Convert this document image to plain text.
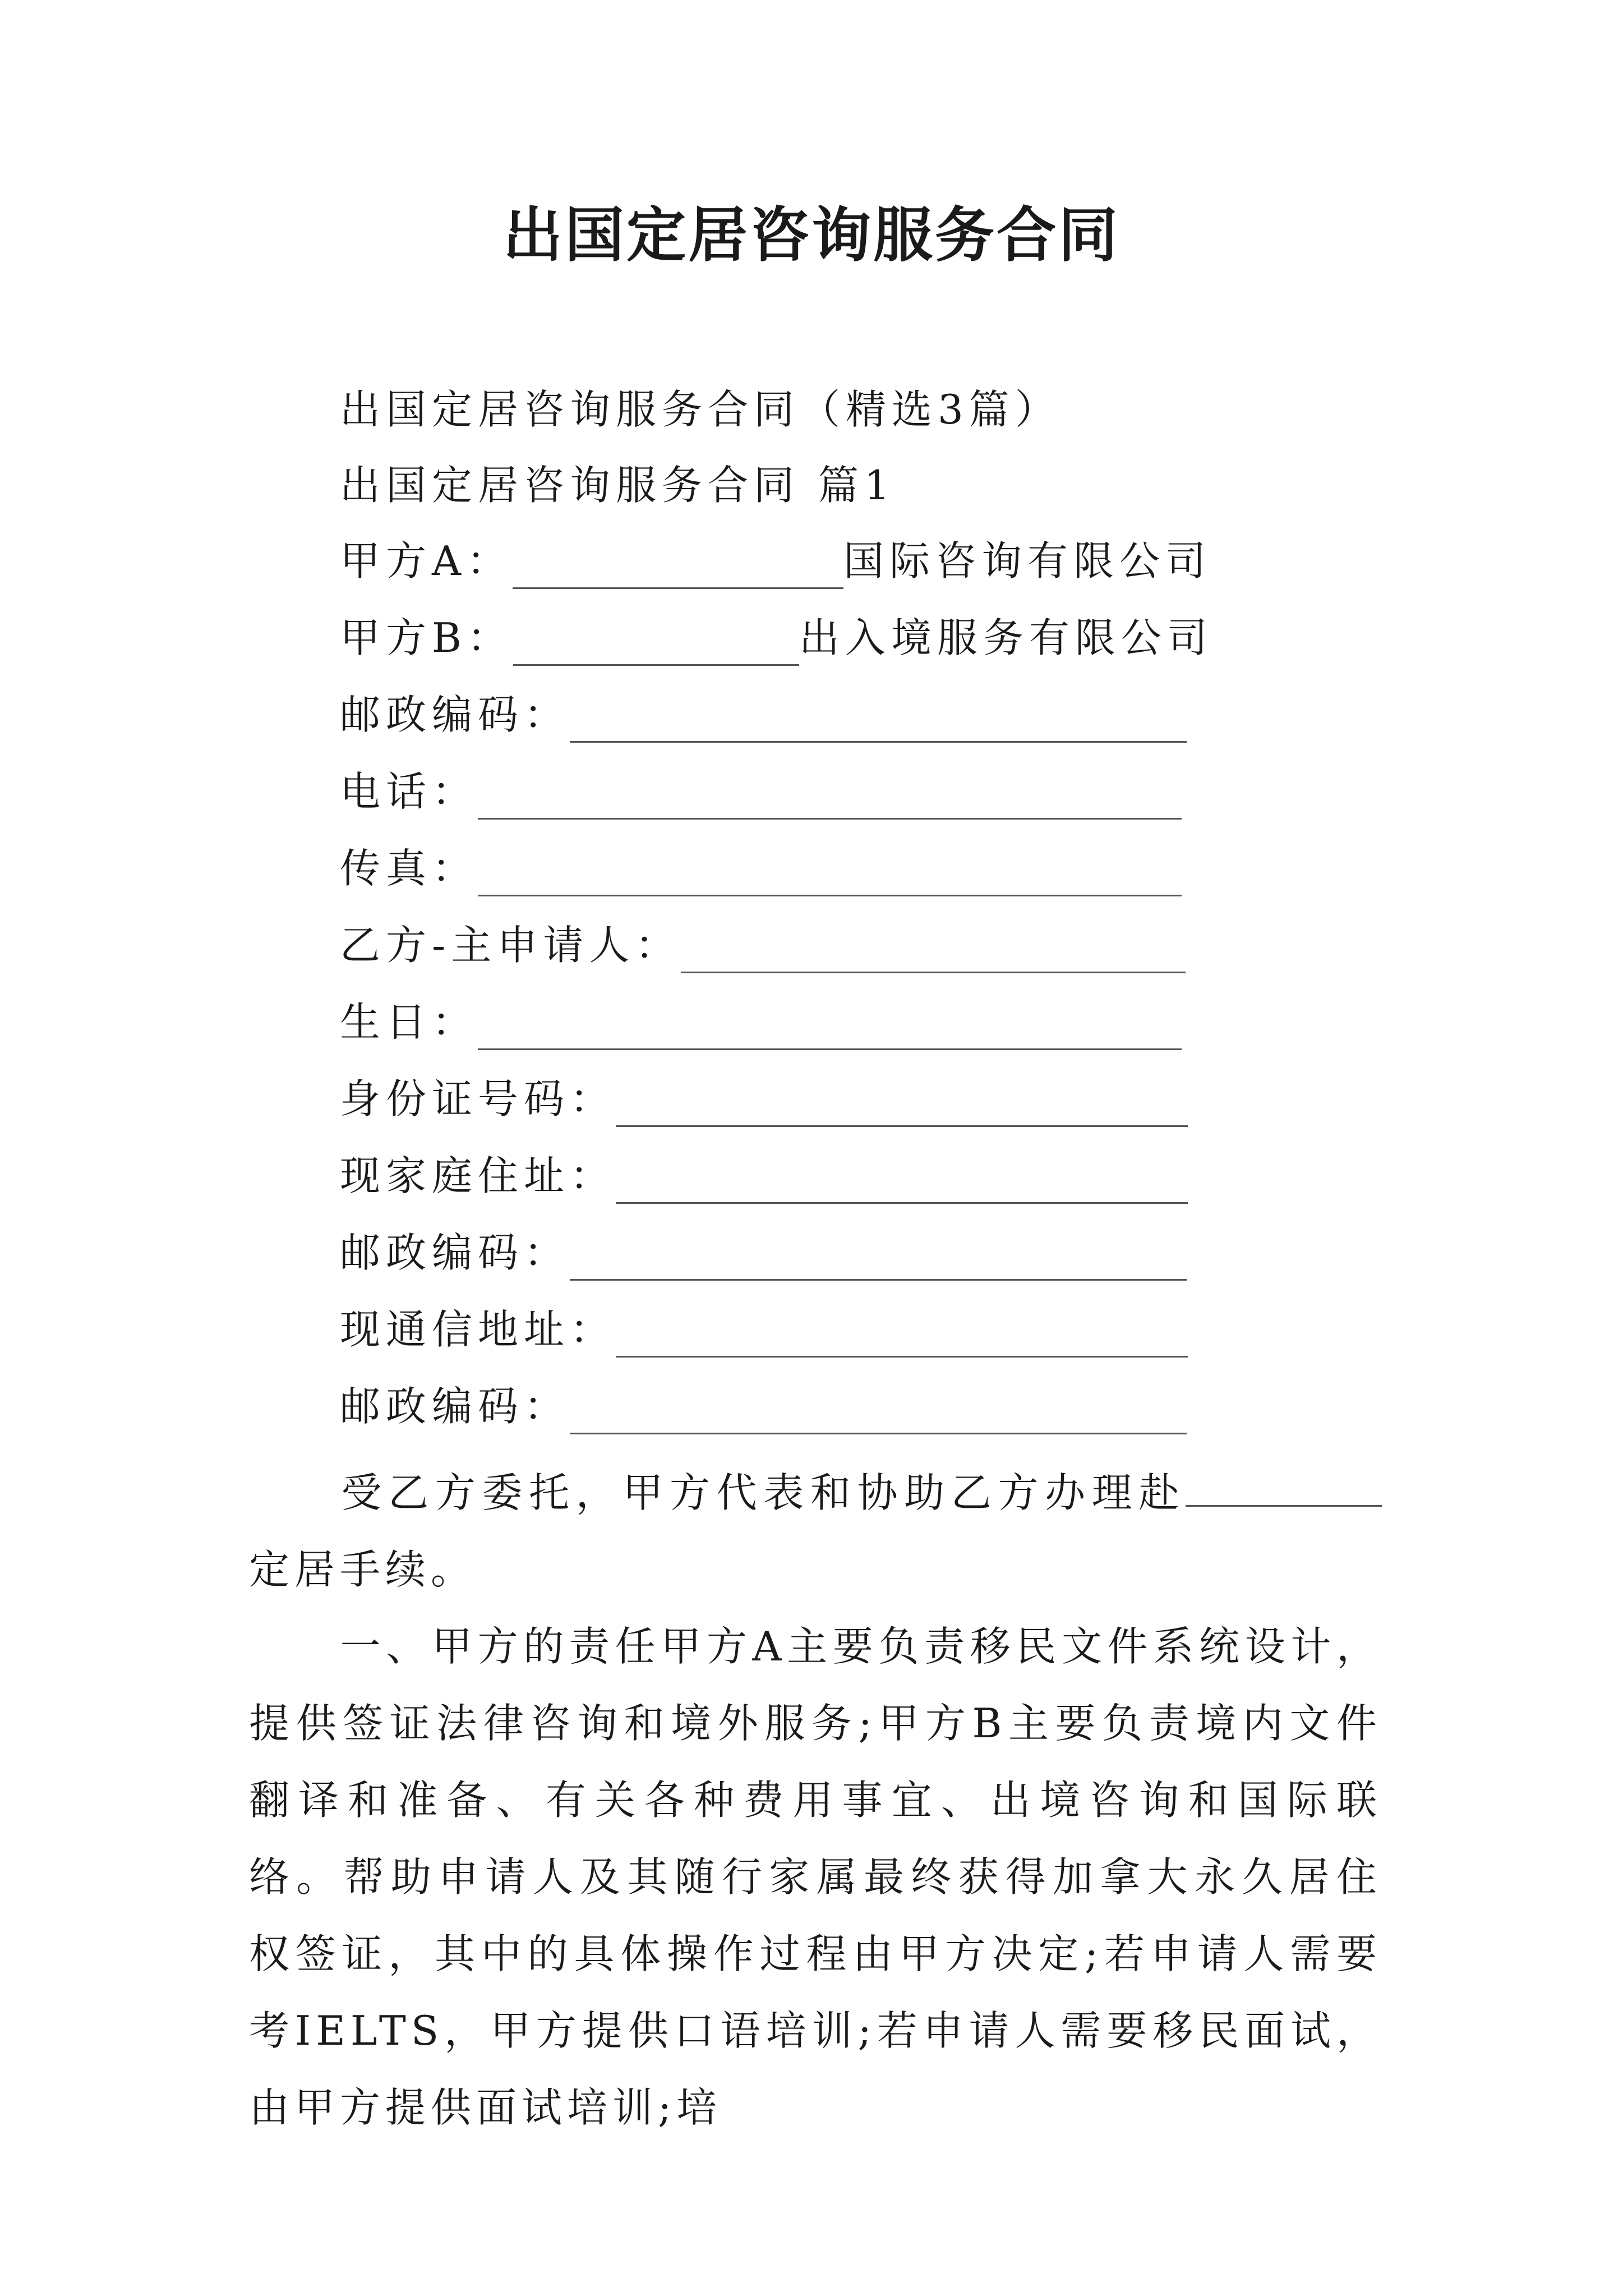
出国定居咨询服务合同
出国定居咨询服务合同（精选3篇）
出国定居咨询服务合同 篇1
甲方A：	国际咨询有限公司
甲方B：	出入境服务有限公司
邮政编码：
电话：
传真：
乙方-主申请人：
生日：
身份证号码：
现家庭住址：
邮政编码：
现通信地址：
邮政编码：
受乙方委托，甲方代表和协助乙方办理赴定居手续。
一、甲方的责任甲方A主要负责移民文件系统设计，提供签证法律咨询和境外服务;甲方B主要负责境内文件翻译和准备、有关各种费用事宜、出境咨询和国际联络。帮助申请人及其随行家属最终获得加拿大永久居住权签证，其中的具体操作过程由甲方决定;若申请人需要考IELTS，甲方提供口语培训;若申请人需要移民面试，由甲方提供面试培训;培
